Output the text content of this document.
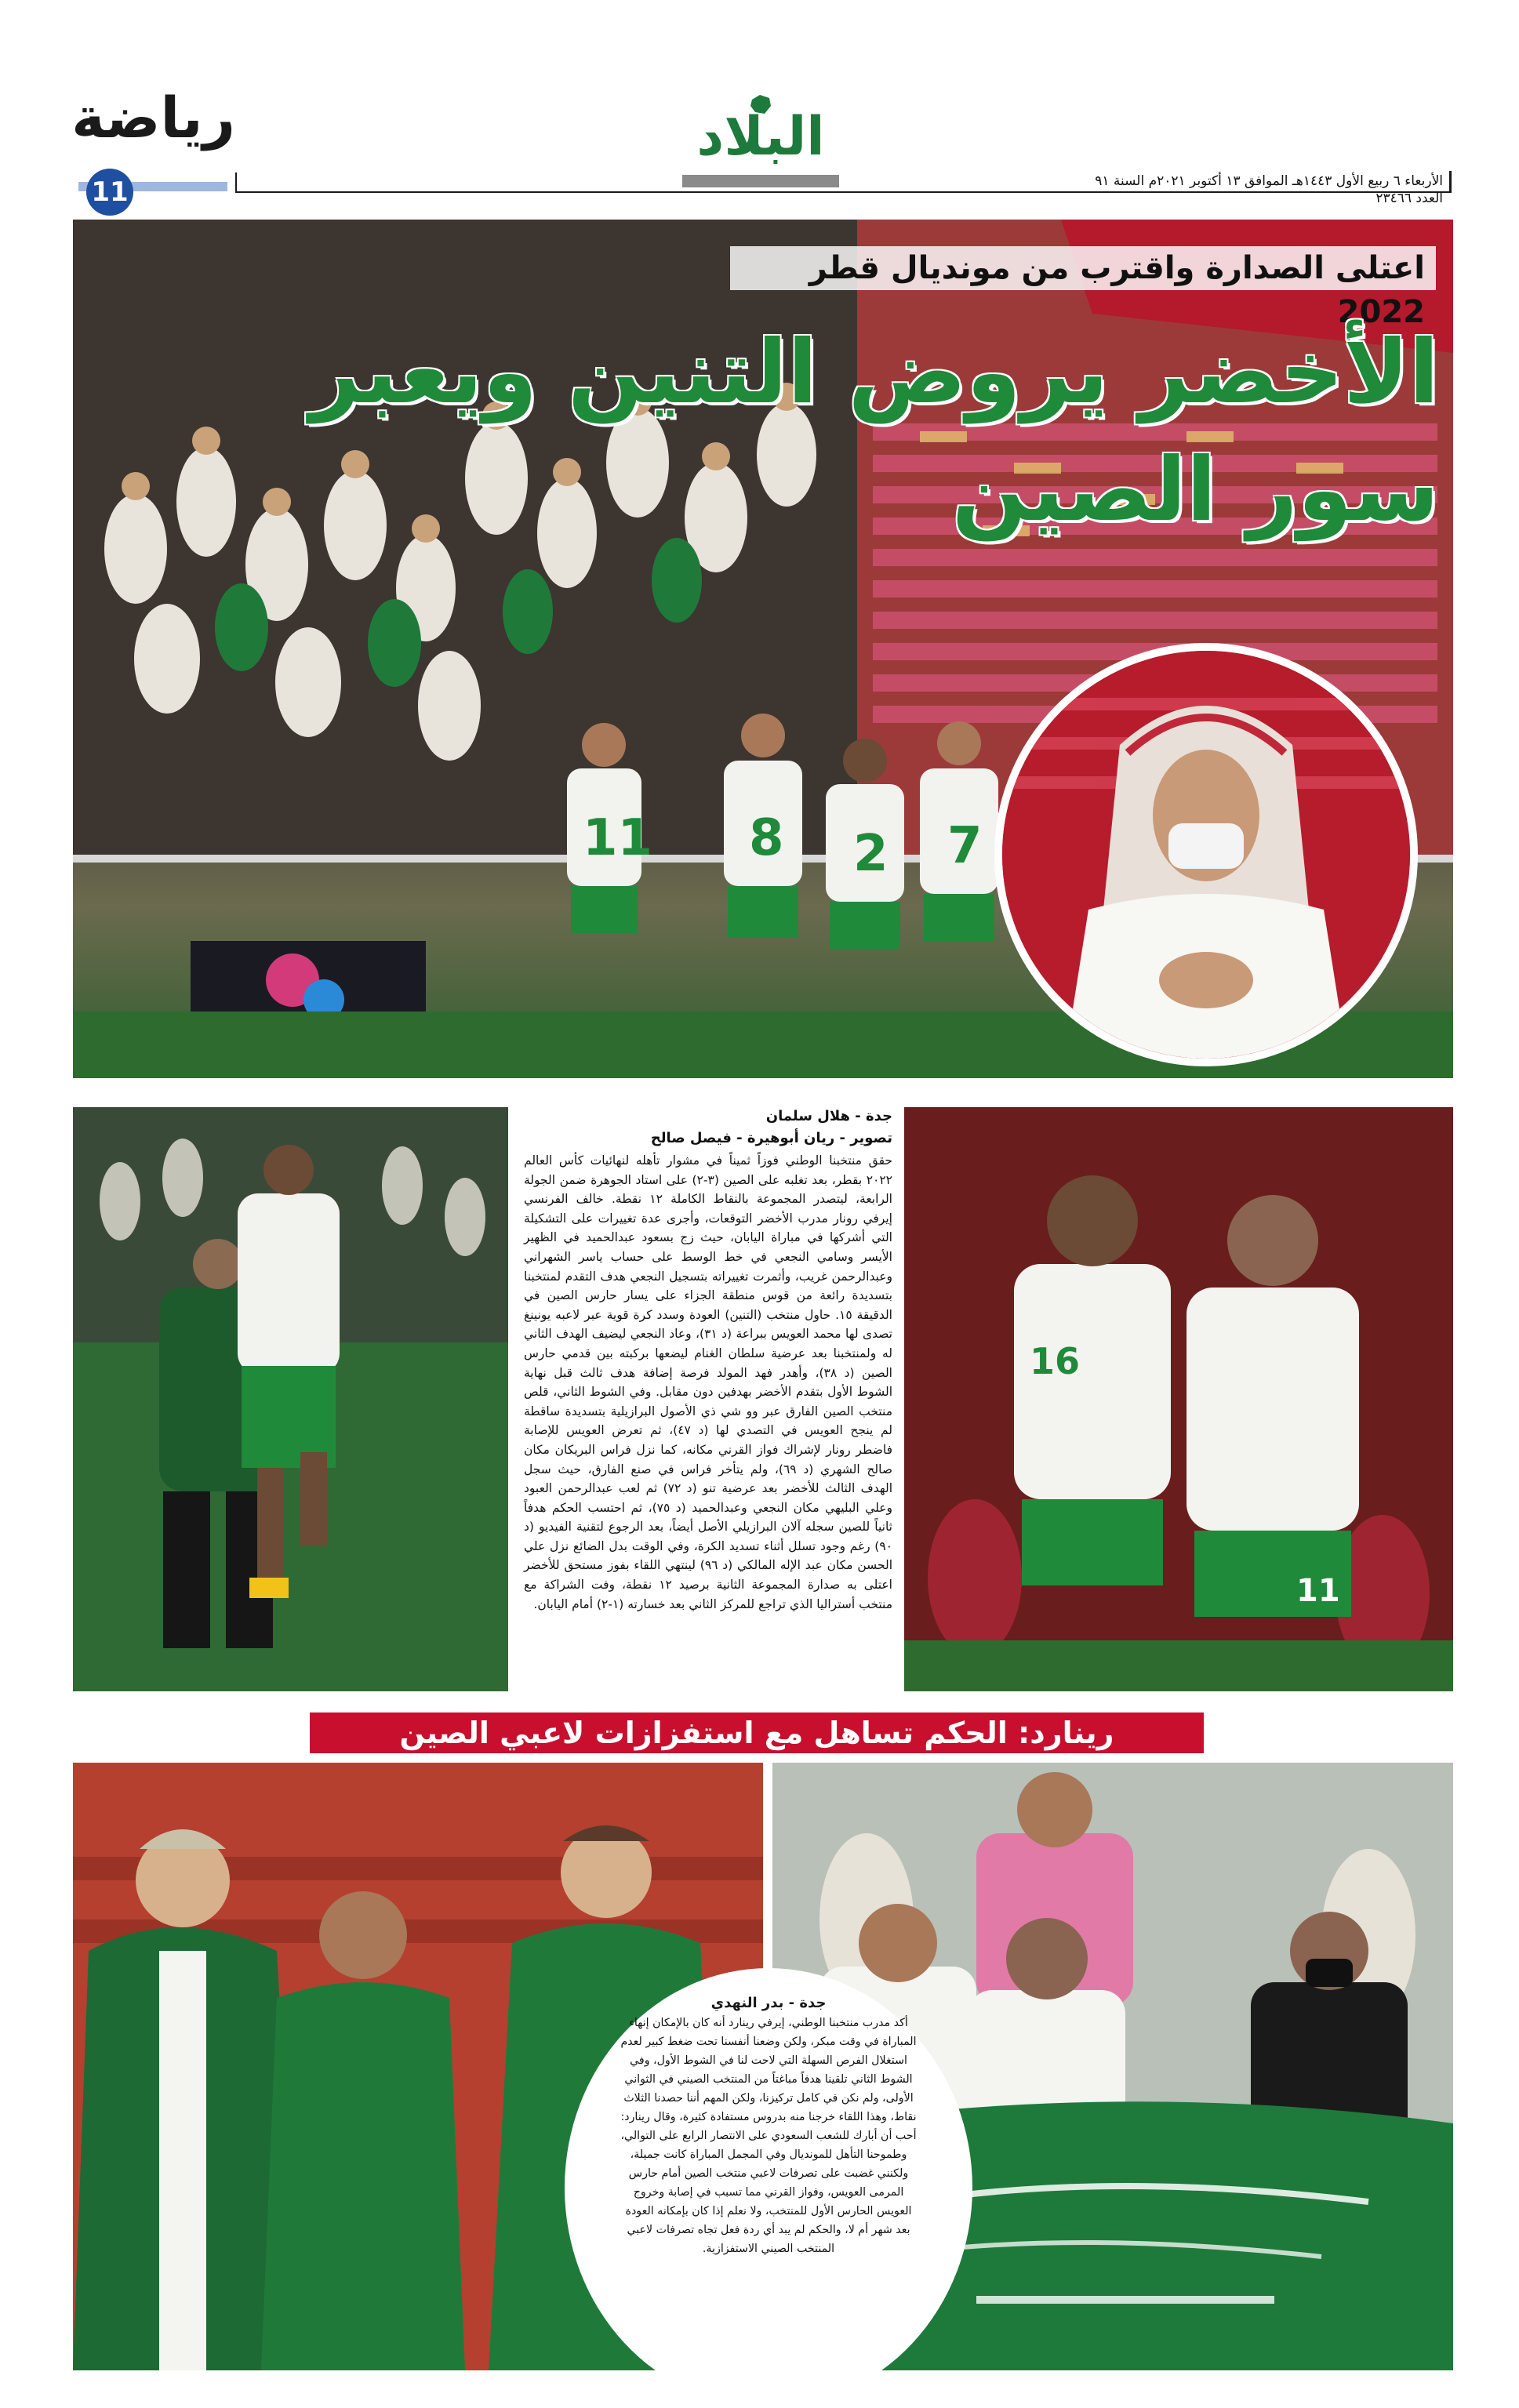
رياضة
11
البلاد
الأربعاء ٦ ربيع الأول ١٤٤٣هـ الموافق ١٣ أكتوبر ٢٠٢١م السنة ٩١ العدد ٢٣٤٦٦
11 8 2 7
اعتلى الصدارة واقترب من مونديال قطر 2022
الأخضر يروض التنين ويعبر سور الصين
جدة - هلال سلمان
تصوير - ريان أبوهيرة - فيصل صالح
حقق منتخبنا الوطني فوزاً ثميناً في مشوار تأهله لنهائيات كأس العالم ٢٠٢٢ بقطر، بعد تغلبه على الصين (٣-٢) على استاد الجوهرة ضمن الجولة الرابعة، ليتصدر المجموعة بالنقاط الكاملة ١٢ نقطة. خالف الفرنسي إيرفي رونار مدرب الأخضر التوقعات، وأجرى عدة تغييرات على التشكيلة التي أشركها في مباراة اليابان، حيث زج بسعود عبدالحميد في الظهير الأيسر وسامي النجعي في خط الوسط على حساب ياسر الشهراني وعبدالرحمن غريب، وأثمرت تغييراته بتسجيل النجعي هدف التقدم لمنتخبنا بتسديدة رائعة من قوس منطقة الجزاء على يسار حارس الصين في الدقيقة ١٥. حاول منتخب (التنين) العودة وسدد كرة قوية عبر لاعبه يونينغ تصدى لها محمد العويس ببراعة (د ٣١)، وعاد النجعي ليضيف الهدف الثاني له ولمنتخبنا بعد عرضية سلطان الغنام ليضعها بركبته بين قدمي حارس الصين (د ٣٨)، وأهدر فهد المولد فرصة إضافة هدف ثالث قبل نهاية الشوط الأول بتقدم الأخضر بهدفين دون مقابل. وفي الشوط الثاني، قلص منتخب الصين الفارق عبر وو شي ذي الأصول البرازيلية بتسديدة ساقطة لم ينجح العويس في التصدي لها (د ٤٧)، ثم تعرض العويس للإصابة فاضطر رونار لإشراك فواز القرني مكانه، كما نزل فراس البريكان مكان صالح الشهري (د ٦٩)، ولم يتأخر فراس في صنع الفارق، حيث سجل الهدف الثالث للأخضر بعد عرضية تنو (د ٧٢) ثم لعب عبدالرحمن العبود وعلي البليهي مكان النجعي وعبدالحميد (د ٧٥)، ثم احتسب الحكم هدفاً ثانياً للصين سجله آلان البرازيلي الأصل أيضاً، بعد الرجوع لتقنية الفيديو (د ٩٠) رغم وجود تسلل أثناء تسديد الكرة، وفي الوقت بدل الضائع نزل علي الحسن مكان عبد الإله المالكي (د ٩٦) لينتهي اللقاء بفوز مستحق للأخضر اعتلى به صدارة المجموعة الثانية برصيد ١٢ نقطة، وفت الشراكة مع منتخب أستراليا الذي تراجع للمركز الثاني بعد خسارته (١-٢) أمام اليابان.
16
11
رينارد: الحكم تساهل مع استفزازات لاعبي الصين
جدة - بدر النهدي
أكد مدرب منتخبنا الوطني، إيرفي رينارد أنه كان بالإمكان إنهاء المباراة في وقت مبكر، ولكن وضعنا أنفسنا تحت ضغط كبير لعدم استغلال الفرص السهلة التي لاحت لنا في الشوط الأول، وفي الشوط الثاني تلقينا هدفاً مباغتاً من المنتخب الصيني في الثواني الأولى، ولم نكن في كامل تركيزنا، ولكن المهم أننا حصدنا الثلاث نقاط، وهذا اللقاء خرجنا منه بدروس مستفادة كثيرة، وقال رينارد: أحب أن أبارك للشعب السعودي على الانتصار الرابع على التوالي، وطموحنا التأهل للمونديال وفي المجمل المباراة كانت جميلة، ولكنني غضبت على تصرفات لاعبي منتخب الصين أمام حارس المرمى العويس، وفواز القرني مما تسبب في إصابة وخروج العويس الحارس الأول للمنتخب، ولا نعلم إذا كان بإمكانه العودة بعد شهر أم لا، والحكم لم يبد أي ردة فعل تجاه تصرفات لاعبي المنتخب الصيني الاستفزازية.
